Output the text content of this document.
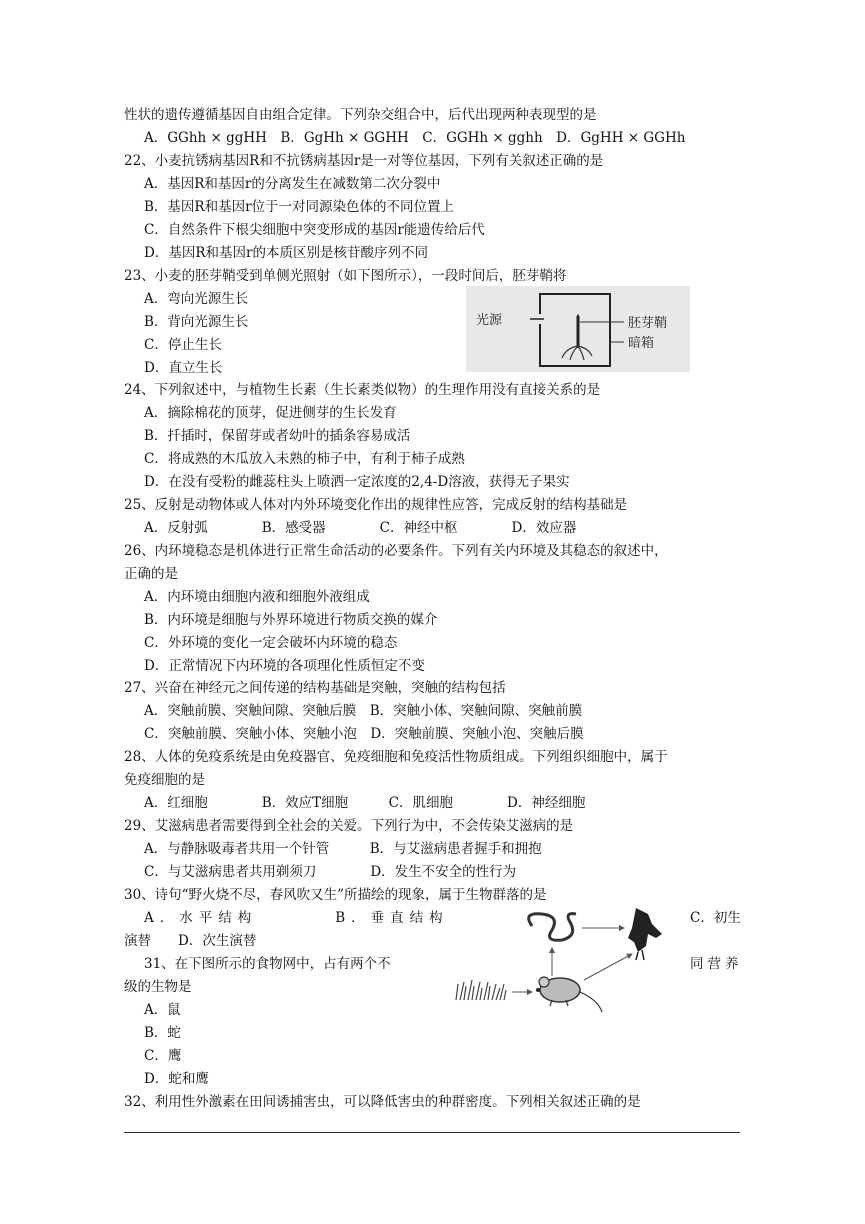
性状的遗传遵循基因自由组合定律。下列杂交组合中，后代出现两种表现型的是
A．GGhh × ggHH　B．GgHh × GGHH　C．GGHh × gghh　D．GgHH × GGHh
22、小麦抗锈病基因R和不抗锈病基因r是一对等位基因，下列有关叙述正确的是
A．基因R和基因r的分离发生在减数第二次分裂中
B．基因R和基因r位于一对同源染色体的不同位置上
C．自然条件下根尖细胞中突变形成的基因r能遗传给后代
D．基因R和基因r的本质区别是核苷酸序列不同
23、小麦的胚芽鞘受到单侧光照射（如下图所示），一段时间后，胚芽鞘将
A．弯向光源生长
B．背向光源生长
C．停止生长
D．直立生长
24、下列叙述中，与植物生长素（生长素类似物）的生理作用没有直接关系的是
A．摘除棉花的顶芽，促进侧芽的生长发育
B．扦插时，保留芽或者幼叶的插条容易成活
C．将成熟的木瓜放入未熟的柿子中，有利于柿子成熟
D．在没有受粉的雌蕊柱头上喷洒一定浓度的2,4-D溶液，获得无子果实
25、反射是动物体或人体对内外环境变化作出的规律性应答，完成反射的结构基础是
A．反射弧　　　　B．感受器　　　　C．神经中枢　　　　D．效应器
26、内环境稳态是机体进行正常生命活动的必要条件。下列有关内环境及其稳态的叙述中，
正确的是
A．内环境由细胞内液和细胞外液组成
B．内环境是细胞与外界环境进行物质交换的媒介
C．外环境的变化一定会破坏内环境的稳态
D．正常情况下内环境的各项理化性质恒定不变
27、兴奋在神经元之间传递的结构基础是突触，突触的结构包括
A．突触前膜、突触间隙、突触后膜　B．突触小体、突触间隙、突触前膜
C．突触前膜、突触小体、突触小泡　D．突触前膜、突触小泡、突触后膜
28、人体的免疫系统是由免疫器官、免疫细胞和免疫活性物质组成。下列组织细胞中，属于
免疫细胞的是
A．红细胞　　　　B．效应T细胞　　　C．肌细胞　　　　D．神经细胞
29、艾滋病患者需要得到全社会的关爱。下列行为中，不会传染艾滋病的是
A．与静脉吸毒者共用一个针管　　　B．与艾滋病患者握手和拥抱
C．与艾滋病患者共用剃须刀　　　　D．发生不安全的性行为
30、诗句“野火烧不尽，春风吹又生”所描绘的现象，属于生物群落的是
A．水平结构　　　　B．垂直结构	C．初生
演替　　D．次生演替
31、在下图所示的食物网中，占有两个不	同营养
级的生物是
A．鼠
B．蛇
C．鹰
D．蛇和鹰
32、利用性外激素在田间诱捕害虫，可以降低害虫的种群密度。下列相关叙述正确的是
光源	胚芽鞘
暗箱
